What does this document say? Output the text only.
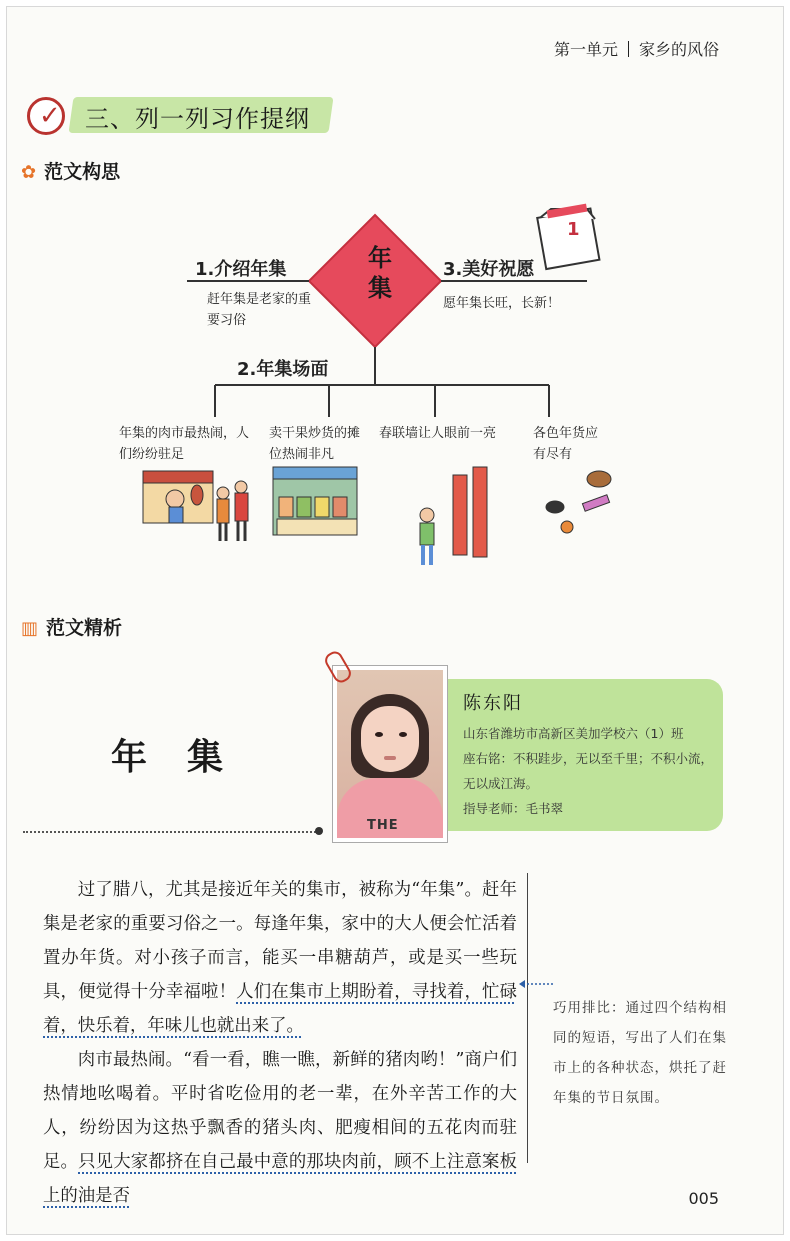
第一单元 家乡的风俗
✓ 三、列一列习作提纲
✿ 范文构思
年
集
1.介绍年集
赶年集是老家的重要习俗
2.年集场面
3.美好祝愿
愿年集长旺，长新！
1
年集的肉市最热闹，人们纷纷驻足
卖干果炒货的摊位热闹非凡
春联墙让人眼前一亮	各色年货应有尽有
▥ 范文精析
年集
陈东阳
山东省潍坊市高新区美加学校六（1）班
座右铭：不积跬步，无以至千里；不积小流，无以成江海。
指导老师：毛书翠
THE

过了腊八，尤其是接近年关的集市，被称为“年集”。赶年集是老家的重要习俗之一。每逢年集，家中的大人便会忙活着置办年货。对小孩子而言，能买一串糖葫芦，或是买一些玩具，便觉得十分幸福啦！人们在集市上期盼着，寻找着，忙碌着，快乐着，年味儿也就出来了。

肉市最热闹。“看一看，瞧一瞧，新鲜的猪肉哟！”商户们热情地吆喝着。平时省吃俭用的老一辈，在外辛苦工作的大人，纷纷因为这热乎飘香的猪头肉、肥瘦相间的五花肉而驻足。只见大家都挤在自己最中意的那块肉前，顾不上注意案板上的油是否

巧用排比：通过四个结构相同的短语，写出了人们在集市上的各种状态，烘托了赶年集的节日氛围。
005
